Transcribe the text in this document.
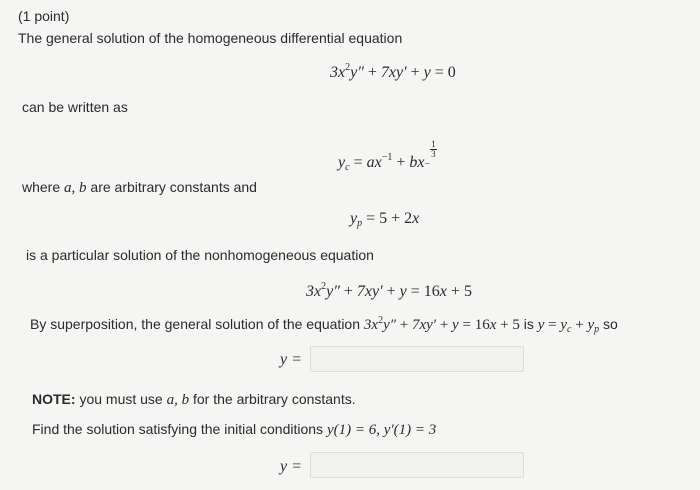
(1 point)
The general solution of the homogeneous differential equation
$3x^2y'' + 7xy' + y = 0$
can be written as
$y_c = ax^{-1} + bx-$
$\frac{1}{3}$
where a, b are arbitrary constants and
$y_p = 5 + 2x$
is a particular solution of the nonhomogeneous equation
$3x^2y'' + 7xy' + y = 16x + 5$
By superposition, the general solution of the equation $3x^2y'' + 7xy' + y = 16x + 5$ is $y = y_c + y_p$ so
y =
NOTE: you must use a, b for the arbitrary constants.
Find the solution satisfying the initial conditions y(1) = 6, y′(1) = 3
y =
